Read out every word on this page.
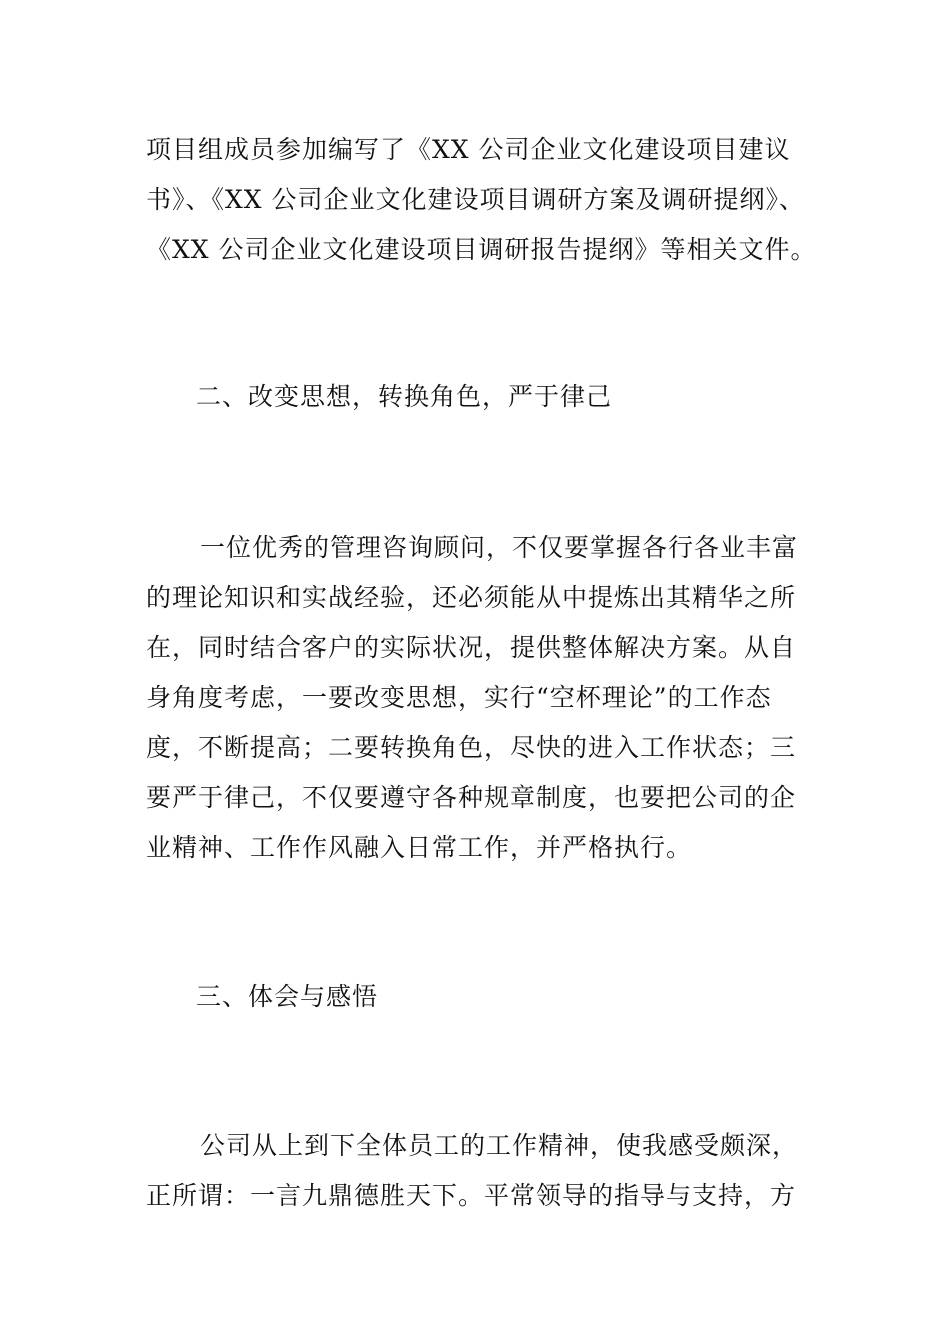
项目组成员参加编写了《XX 公司企业文化建设项目建议
书》、《XX 公司企业文化建设项目调研方案及调研提纲》、
《XX 公司企业文化建设项目调研报告提纲》等相关文件。
二、改变思想，转换角色，严于律己
一位优秀的管理咨询顾问，不仅要掌握各行各业丰富
的理论知识和实战经验，还必须能从中提炼出其精华之所
在，同时结合客户的实际状况，提供整体解决方案。从自
身角度考虑，一要改变思想，实行“空杯理论”的工作态
度，不断提高；二要转换角色，尽快的进入工作状态；三
要严于律己，不仅要遵守各种规章制度，也要把公司的企
业精神、工作作风融入日常工作，并严格执行。
三、体会与感悟
公司从上到下全体员工的工作精神，使我感受颇深，
正所谓：一言九鼎德胜天下。平常领导的指导与支持，方
